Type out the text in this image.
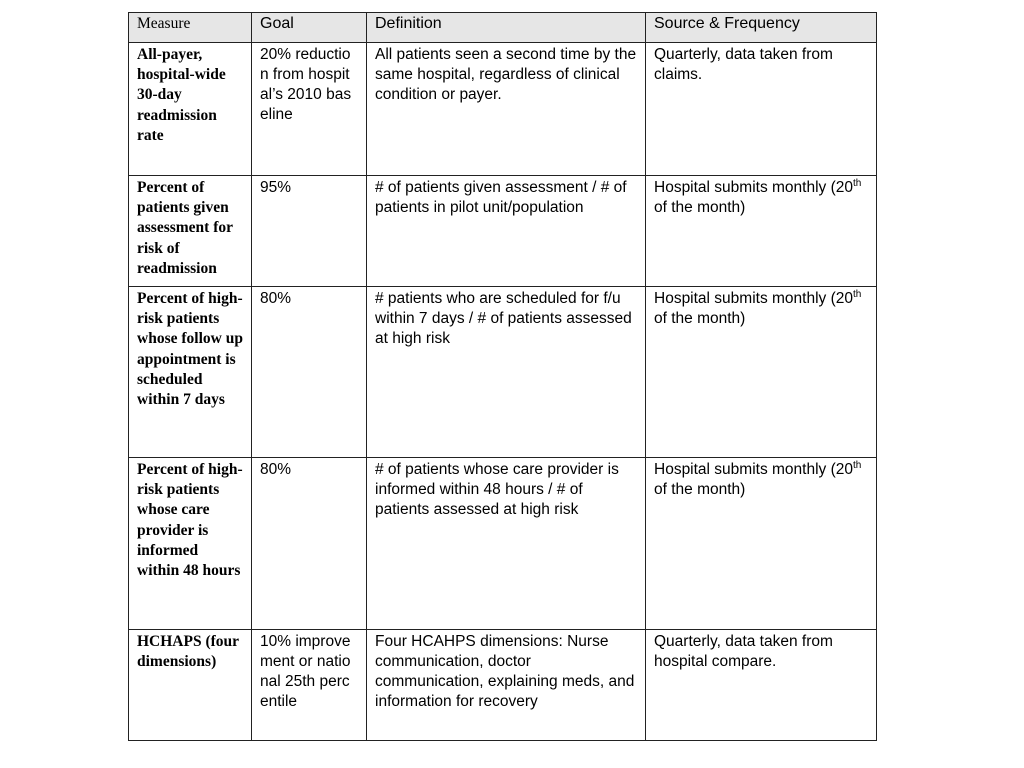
Measure	Goal	Definition	Source & Frequency
All-payer, hospital-wide 30-day readmission rate	20% reduction from hospital’s 2010 baseline	All patients seen a second time by the same hospital, regardless of clinical condition or payer.	Quarterly, data taken from claims.
Percent of patients given assessment for risk of readmission	95%	# of patients given assessment / # of patients in pilot unit/population	Hospital submits monthly (20th of the month)
Percent of high-risk patients whose follow up appointment is scheduled within 7 days	80%	# patients who are scheduled for f/u within 7 days / # of patients assessed at high risk	Hospital submits monthly (20th of the month)
Percent of high-risk patients whose care provider is informed within 48 hours	80%	# of patients whose care provider is informed within 48 hours / # of patients assessed at high risk	Hospital submits monthly (20th of the month)
HCHAPS (four dimensions)	10% improvement or national 25th percentile	Four HCAHPS dimensions: Nurse communication, doctor communication, explaining meds, and information for recovery	Quarterly, data taken from hospital compare.
